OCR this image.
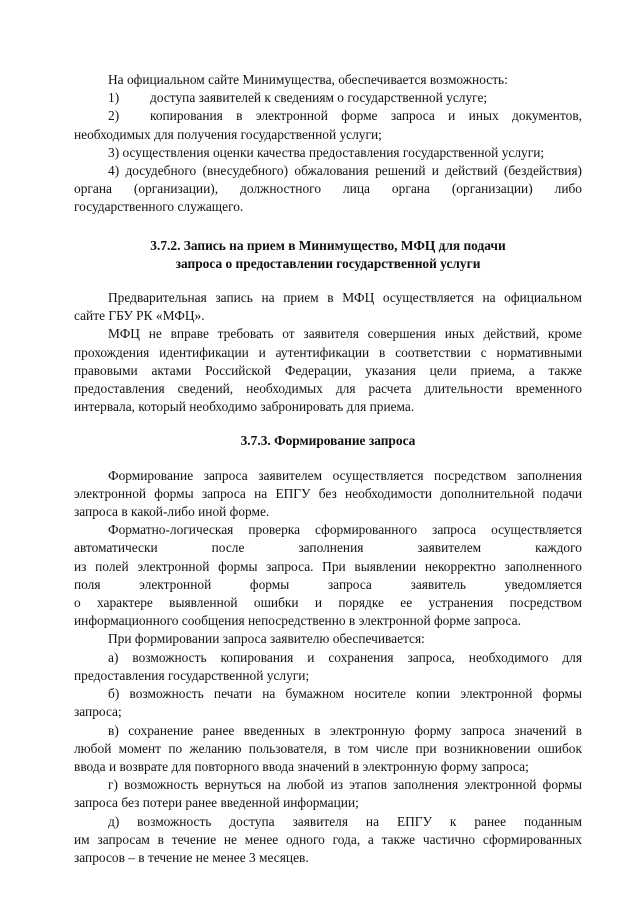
На официальном сайте Минимущества, обеспечивается возможность:
1)	доступа заявителей к сведениям о государственной услуге;
2)	копирования в электронной форме запроса и иных документов,
необходимых для получения государственной услуги;
3) осуществления оценки качества предоставления государственной услуги;
4) досудебного (внесудебного) обжалования решений и действий (бездействия)
органа (организации), должностного лица органа (организации) либо
государственного служащего.
3.7.2. Запись на прием в Минимущество, МФЦ для подачи
запроса о предоставлении государственной услуги
Предварительная запись на прием в МФЦ осуществляется на официальном
сайте ГБУ РК «МФЦ».
МФЦ не вправе требовать от заявителя совершения иных действий, кроме
прохождения идентификации и аутентификации в соответствии с нормативными
правовыми актами Российской Федерации, указания цели приема, а также
предоставления сведений, необходимых для расчета длительности временного
интервала, который необходимо забронировать для приема.
3.7.3. Формирование запроса
Формирование запроса заявителем осуществляется посредством заполнения
электронной формы запроса на ЕПГУ без необходимости дополнительной подачи
запроса в какой-либо иной форме.
Форматно-логическая проверка сформированного запроса осуществляется
автоматически после заполнения заявителем каждого
из полей электронной формы запроса. При выявлении некорректно заполненного
поля электронной формы запроса заявитель уведомляется
о характере выявленной ошибки и порядке ее устранения посредством
информационного сообщения непосредственно в электронной форме запроса.
При формировании запроса заявителю обеспечивается:
а) возможность копирования и сохранения запроса, необходимого для
предоставления государственной услуги;
б) возможность печати на бумажном носителе копии электронной формы
запроса;
в) сохранение ранее введенных в электронную форму запроса значений в
любой момент по желанию пользователя, в том числе при возникновении ошибок
ввода и возврате для повторного ввода значений в электронную форму запроса;
г) возможность вернуться на любой из этапов заполнения электронной формы
запроса без потери ранее введенной информации;
д) возможность доступа заявителя на ЕПГУ к ранее поданным
им запросам в течение не менее одного года, а также частично сформированных
запросов – в течение не менее 3 месяцев.
